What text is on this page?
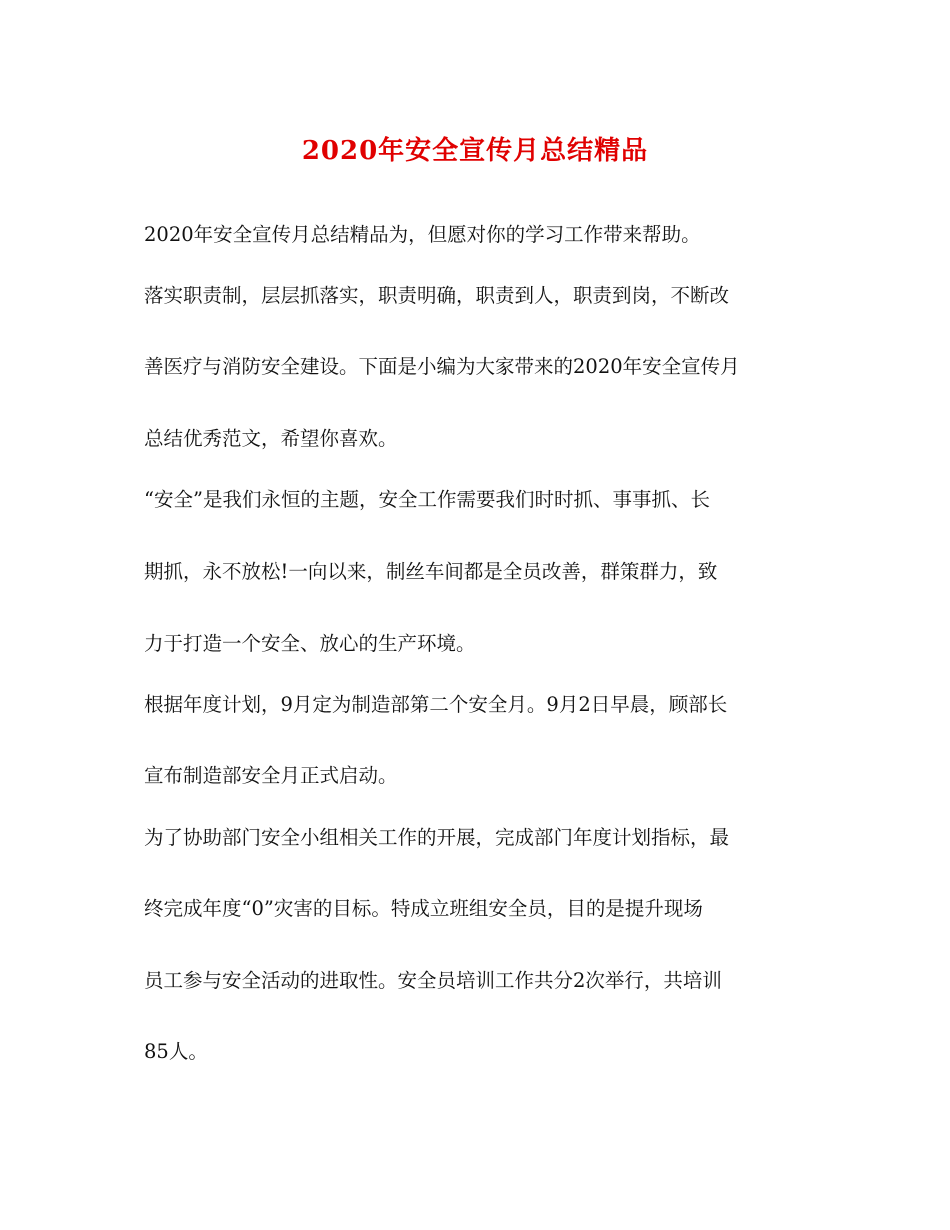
2020年安全宣传月总结精品
2020年安全宣传月总结精品为，但愿对你的学习工作带来帮助。
落实职责制，层层抓落实，职责明确，职责到人，职责到岗，不断改
善医疗与消防安全建设。下面是小编为大家带来的2020年安全宣传月
总结优秀范文，希望你喜欢。
“安全”是我们永恒的主题，安全工作需要我们时时抓、事事抓、长
期抓，永不放松!一向以来，制丝车间都是全员改善，群策群力，致
力于打造一个安全、放心的生产环境。
根据年度计划，9月定为制造部第二个安全月。9月2日早晨，顾部长
宣布制造部安全月正式启动。
为了协助部门安全小组相关工作的开展，完成部门年度计划指标，最
终完成年度“0”灾害的目标。特成立班组安全员，目的是提升现场
员工参与安全活动的进取性。安全员培训工作共分2次举行，共培训
85人。
